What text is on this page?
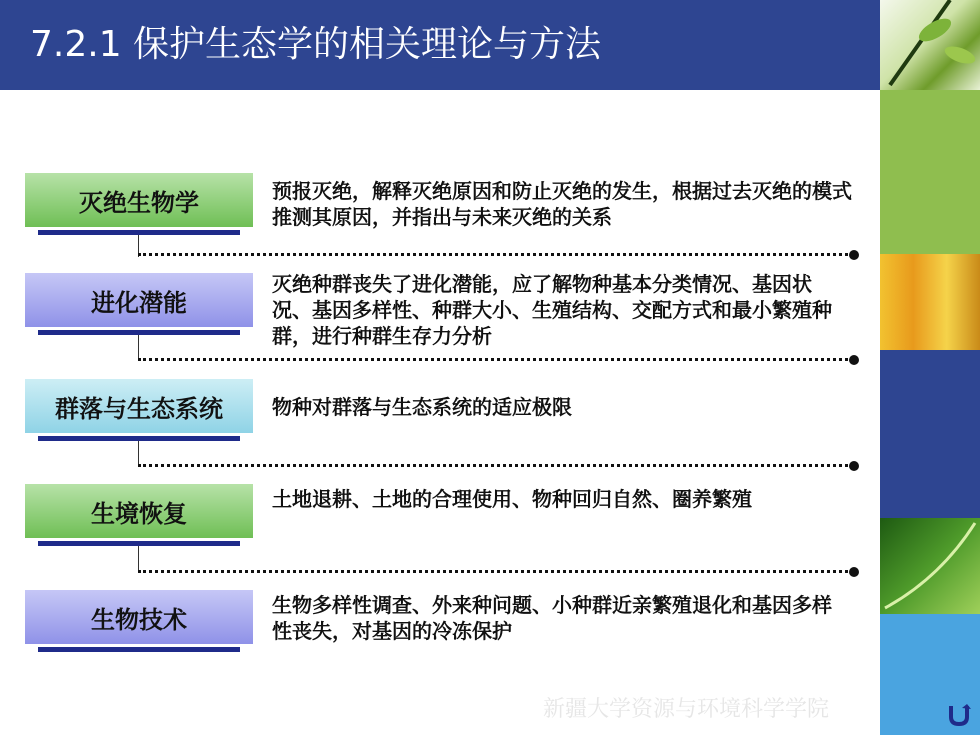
7.2.1 保护生态学的相关理论与方法
灭绝生物学	预报灭绝，解释灭绝原因和防止灭绝的发生，根据过去灭绝的模式推测其原因，并指出与未来灭绝的关系
进化潜能
灭绝种群丧失了进化潜能，应了解物种基本分类情况、基因状况、基因多样性、种群大小、生殖结构、交配方式和最小繁殖种群，进行种群生存力分析
群落与生态系统	物种对群落与生态系统的适应极限
生境恢复
土地退耕、土地的合理使用、物种回归自然、圈养繁殖
生物技术
生物多样性调查、外来种问题、小种群近亲繁殖退化和基因多样性丧失，对基因的冷冻保护
新疆大学资源与环境科学学院
